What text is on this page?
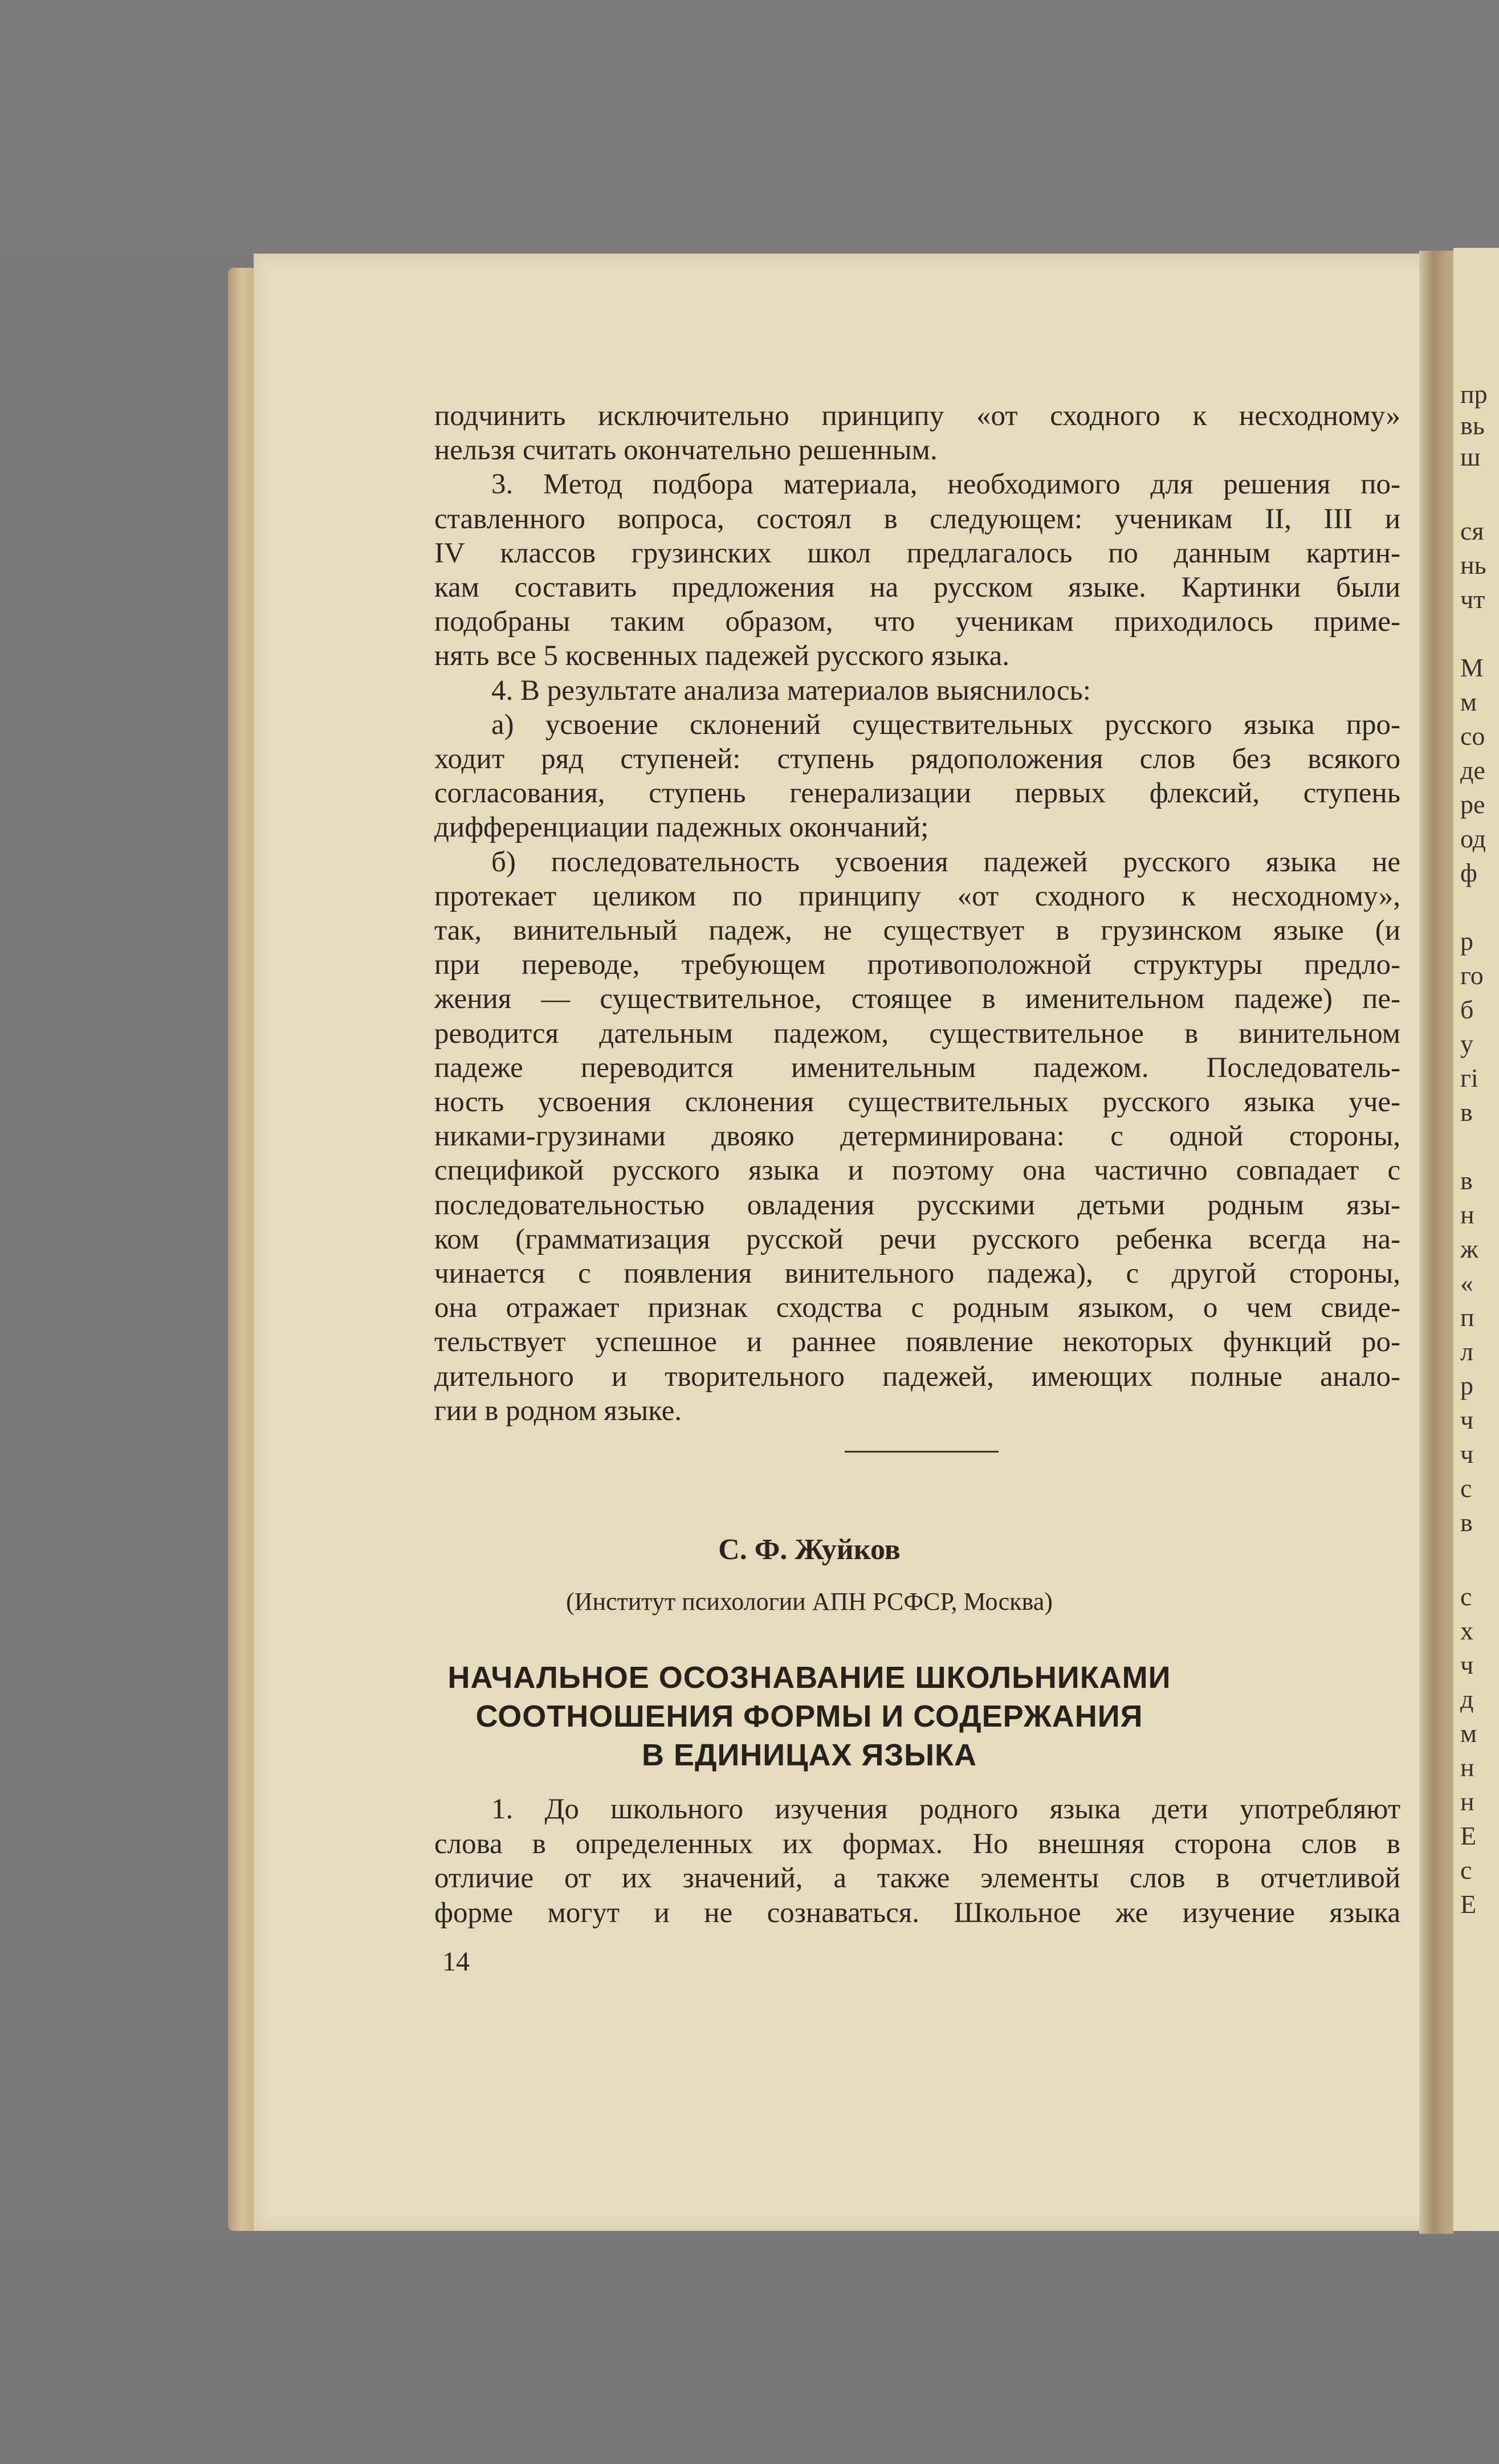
пр
вь
ш
ся
нь
чт
М
м
со
де
ре
од
ф
р
го
б
у
гі
в
в
н
ж
«
п
л
р
ч
ч
с
в
с
х
ч
д
м
н
н
Е
с
Е
подчинить исключительно принципу «от сходного к несходному»
нельзя считать окончательно решенным.
3. Метод подбора материала, необходимого для решения по-
ставленного вопроса, состоял в следующем: ученикам II, III и
IV классов грузинских школ предлагалось по данным картин-
кам составить предложения на русском языке. Картинки были
подобраны таким образом, что ученикам приходилось приме-
нять все 5 косвенных падежей русского языка.
4. В результате анализа материалов выяснилось:
а) усвоение склонений существительных русского языка про-
ходит ряд ступеней: ступень рядоположения слов без всякого
согласования, ступень генерализации первых флексий, ступень
дифференциации падежных окончаний;
б) последовательность усвоения падежей русского языка не
протекает целиком по принципу «от сходного к несходному»,
так, винительный падеж, не существует в грузинском языке (и
при переводе, требующем противоположной структуры предло-
жения — существительное, стоящее в именительном падеже) пе-
реводится дательным падежом, существительное в винительном
падеже переводится именительным падежом. Последователь-
ность усвоения склонения существительных русского языка уче-
никами-грузинами двояко детерминирована: с одной стороны,
спецификой русского языка и поэтому она частично совпадает с
последовательностью овладения русскими детьми родным язы-
ком (грамматизация русской речи русского ребенка всегда на-
чинается с появления винительного падежа), с другой стороны,
она отражает признак сходства с родным языком, о чем свиде-
тельствует успешное и раннее появление некоторых функций ро-
дительного и творительного падежей, имеющих полные анало-
гии в родном языке.
С. Ф. Жуйков
(Институт психологии АПН РСФСР, Москва)
НАЧАЛЬНОЕ ОСОЗНАВАНИЕ ШКОЛЬНИКАМИ
СООТНОШЕНИЯ ФОРМЫ И СОДЕРЖАНИЯ
В ЕДИНИЦАХ ЯЗЫКА
1. До школьного изучения родного языка дети употребляют
слова в определенных их формах. Но внешняя сторона слов в
отличие от их значений, а также элементы слов в отчетливой
форме могут и не сознаваться. Школьное же изучение языка
14
